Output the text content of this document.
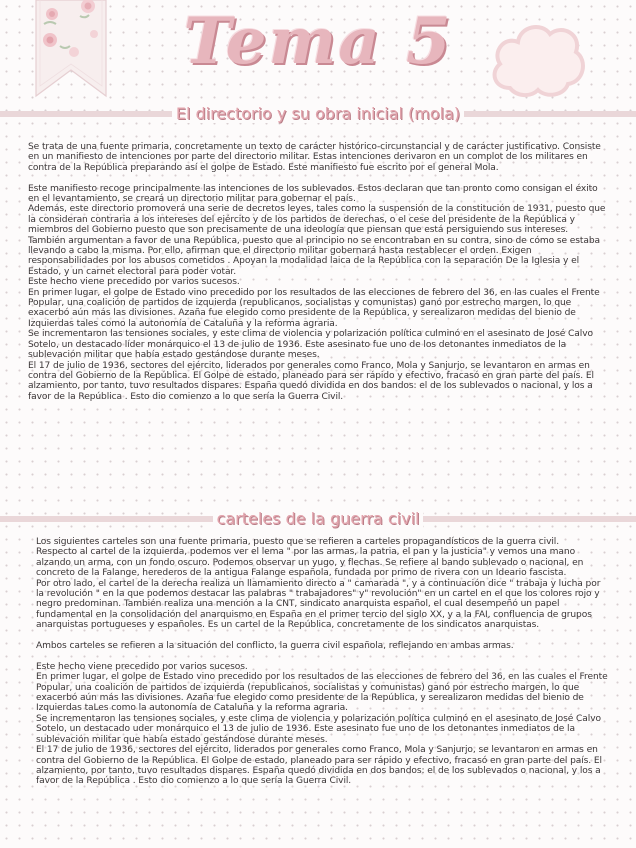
Tema 5
El directorio y su obra inicial (mola)

Se trata de una fuente primaria, concretamente un texto de carácter histórico-circunstancial y de carácter justificativo. Consiste en un manifiesto de intenciones por parte del directorio militar. Estas intenciones derivaron en un complot de los militares en contra de la República preparando así el golpe de Estado. Este manifiesto fue escrito por el general Mola.

Este manifiesto recoge principalmente las intenciones de los sublevados. Estos declaran que tan pronto como consigan el éxito en el levantamiento, se creará un directorio militar para gobernar el país.

Además, este directorio promoverá una serie de decretos leyes, tales como la suspensión de la constitución de 1931, puesto que la consideran contraria a los intereses del ejército y de los partidos de derechas, o el cese del presidente de la República y miembros del Gobierno puesto que son precisamente de una ideología que piensan que está persiguiendo sus intereses.

También argumentan a favor de una República, puesto que al principio no se encontraban en su contra, sino de cómo se estaba llevando a cabo la misma. Por ello, afirman que el directorio militar gobernará hasta restablecer el orden. Exigen responsabilidades por los abusos cometidos . Apoyan la modalidad laica de la República con la separación De la Iglesia y el Estado, y un carnet electoral para poder votar.

Este hecho viene precedido por varios sucesos.

En primer lugar, el golpe de Estado vino precedido por los resultados de las elecciones de febrero del 36, en las cuales el Frente Popular, una coalición de partidos de izquierda (republicanos, socialistas y comunistas) ganó por estrecho margen, lo que exacerbó aún más las divisiones. Azaña fue elegido como presidente de la República, y serealizaron medidas del bienio de Izquierdas tales como la autonomía de Cataluña y la reforma agraria.

Se incrementaron las tensiones sociales, y este clima de violencia y polarización política culminó en el asesinato de José Calvo Sotelo, un destacado líder monárquico el 13 de julio de 1936. Este asesinato fue uno de los detonantes inmediatos de la sublevación militar que había estado gestándose durante meses.

El 17 de julio de 1936, sectores del ejército, liderados por generales como Franco, Mola y Sanjurjo, se levantaron en armas en contra del Gobierno de la República. El Golpe de estado, planeado para ser rápido y efectivo, fracasó en gran parte del país. El alzamiento, por tanto, tuvo resultados dispares. España quedó dividida en dos bandos: el de los sublevados o nacional, y los a favor de la República . Esto dio comienzo a lo que sería la Guerra Civil.

carteles de la guerra civil

Los siguientes carteles son una fuente primaria, puesto que se refieren a carteles propagandísticos de la guerra civil.

Respecto al cartel de la izquierda, podemos ver el lema " por las armas, la patria, el pan y la justicia" y vemos una mano alzando un arma, con un fondo oscuro. Podemos observar un yugo, y flechas. Se refiere al bando sublevado o nacional, en concreto de la Falange, herederos de la antigua Falange española, fundada por primo de rivera con un Ideario fascista.

Por otro lado, el cartel de la derecha realiza un llamamiento directo a " camarada ", y a continuación dice " trabaja y lucha por la revolución " en la que podemos destacar las palabras " trabajadores" y" revolución" en un cartel en el que los colores rojo y negro predominan. También realiza una mención a la CNT, sindicato anarquista español, el cual desempeñó un papel fundamental en la consolidación del anarquismo en España en el primer tercio del siglo XX, y a la FAI, confluencia de grupos anarquistas portugueses y españoles. Es un cartel de la República, concretamente de los sindicatos anarquistas.

Ambos carteles se refieren a la situación del conflicto, la guerra civil española, reflejando en ambas armas.

Este hecho viene precedido por varios sucesos.

En primer lugar, el golpe de Estado vino precedido por los resultados de las elecciones de febrero del 36, en las cuales el Frente Popular, una coalición de partidos de izquierda (republicanos, socialistas y comunistas) ganó por estrecho margen, lo que exacerbó aún más las divisiones. Azaña fue elegido como presidente de la República, y serealizaron medidas del bienio de Izquierdas taLes como la autonomía de Cataluña y la reforma agraria.

Se incrementaron las tensiones sociales, y este clima de violencia y polarización política culminó en el asesinato de José Calvo Sotelo, un destacado uder monárquico el 13 de julio de 1936. Este asesinato fue uno de los detonantes inmediatos de la sublevación militar que había estado gestándose durante meses.

El 17 de julio de 1936, sectores del ejército, liderados por generales como Franco, Mola y Sanjurjo, se levantaron en armas en contra del Gobierno de la República. El Golpe de estado, planeado para ser rápido y efectivo, fracasó en gran parte del país. El alzamiento, por tanto, tuvo resultados dispares. España quedó dividida en dos bandos: el de los sublevados o nacional, y los a favor de la República . Esto dio comienzo a lo que sería la Guerra Civil.
